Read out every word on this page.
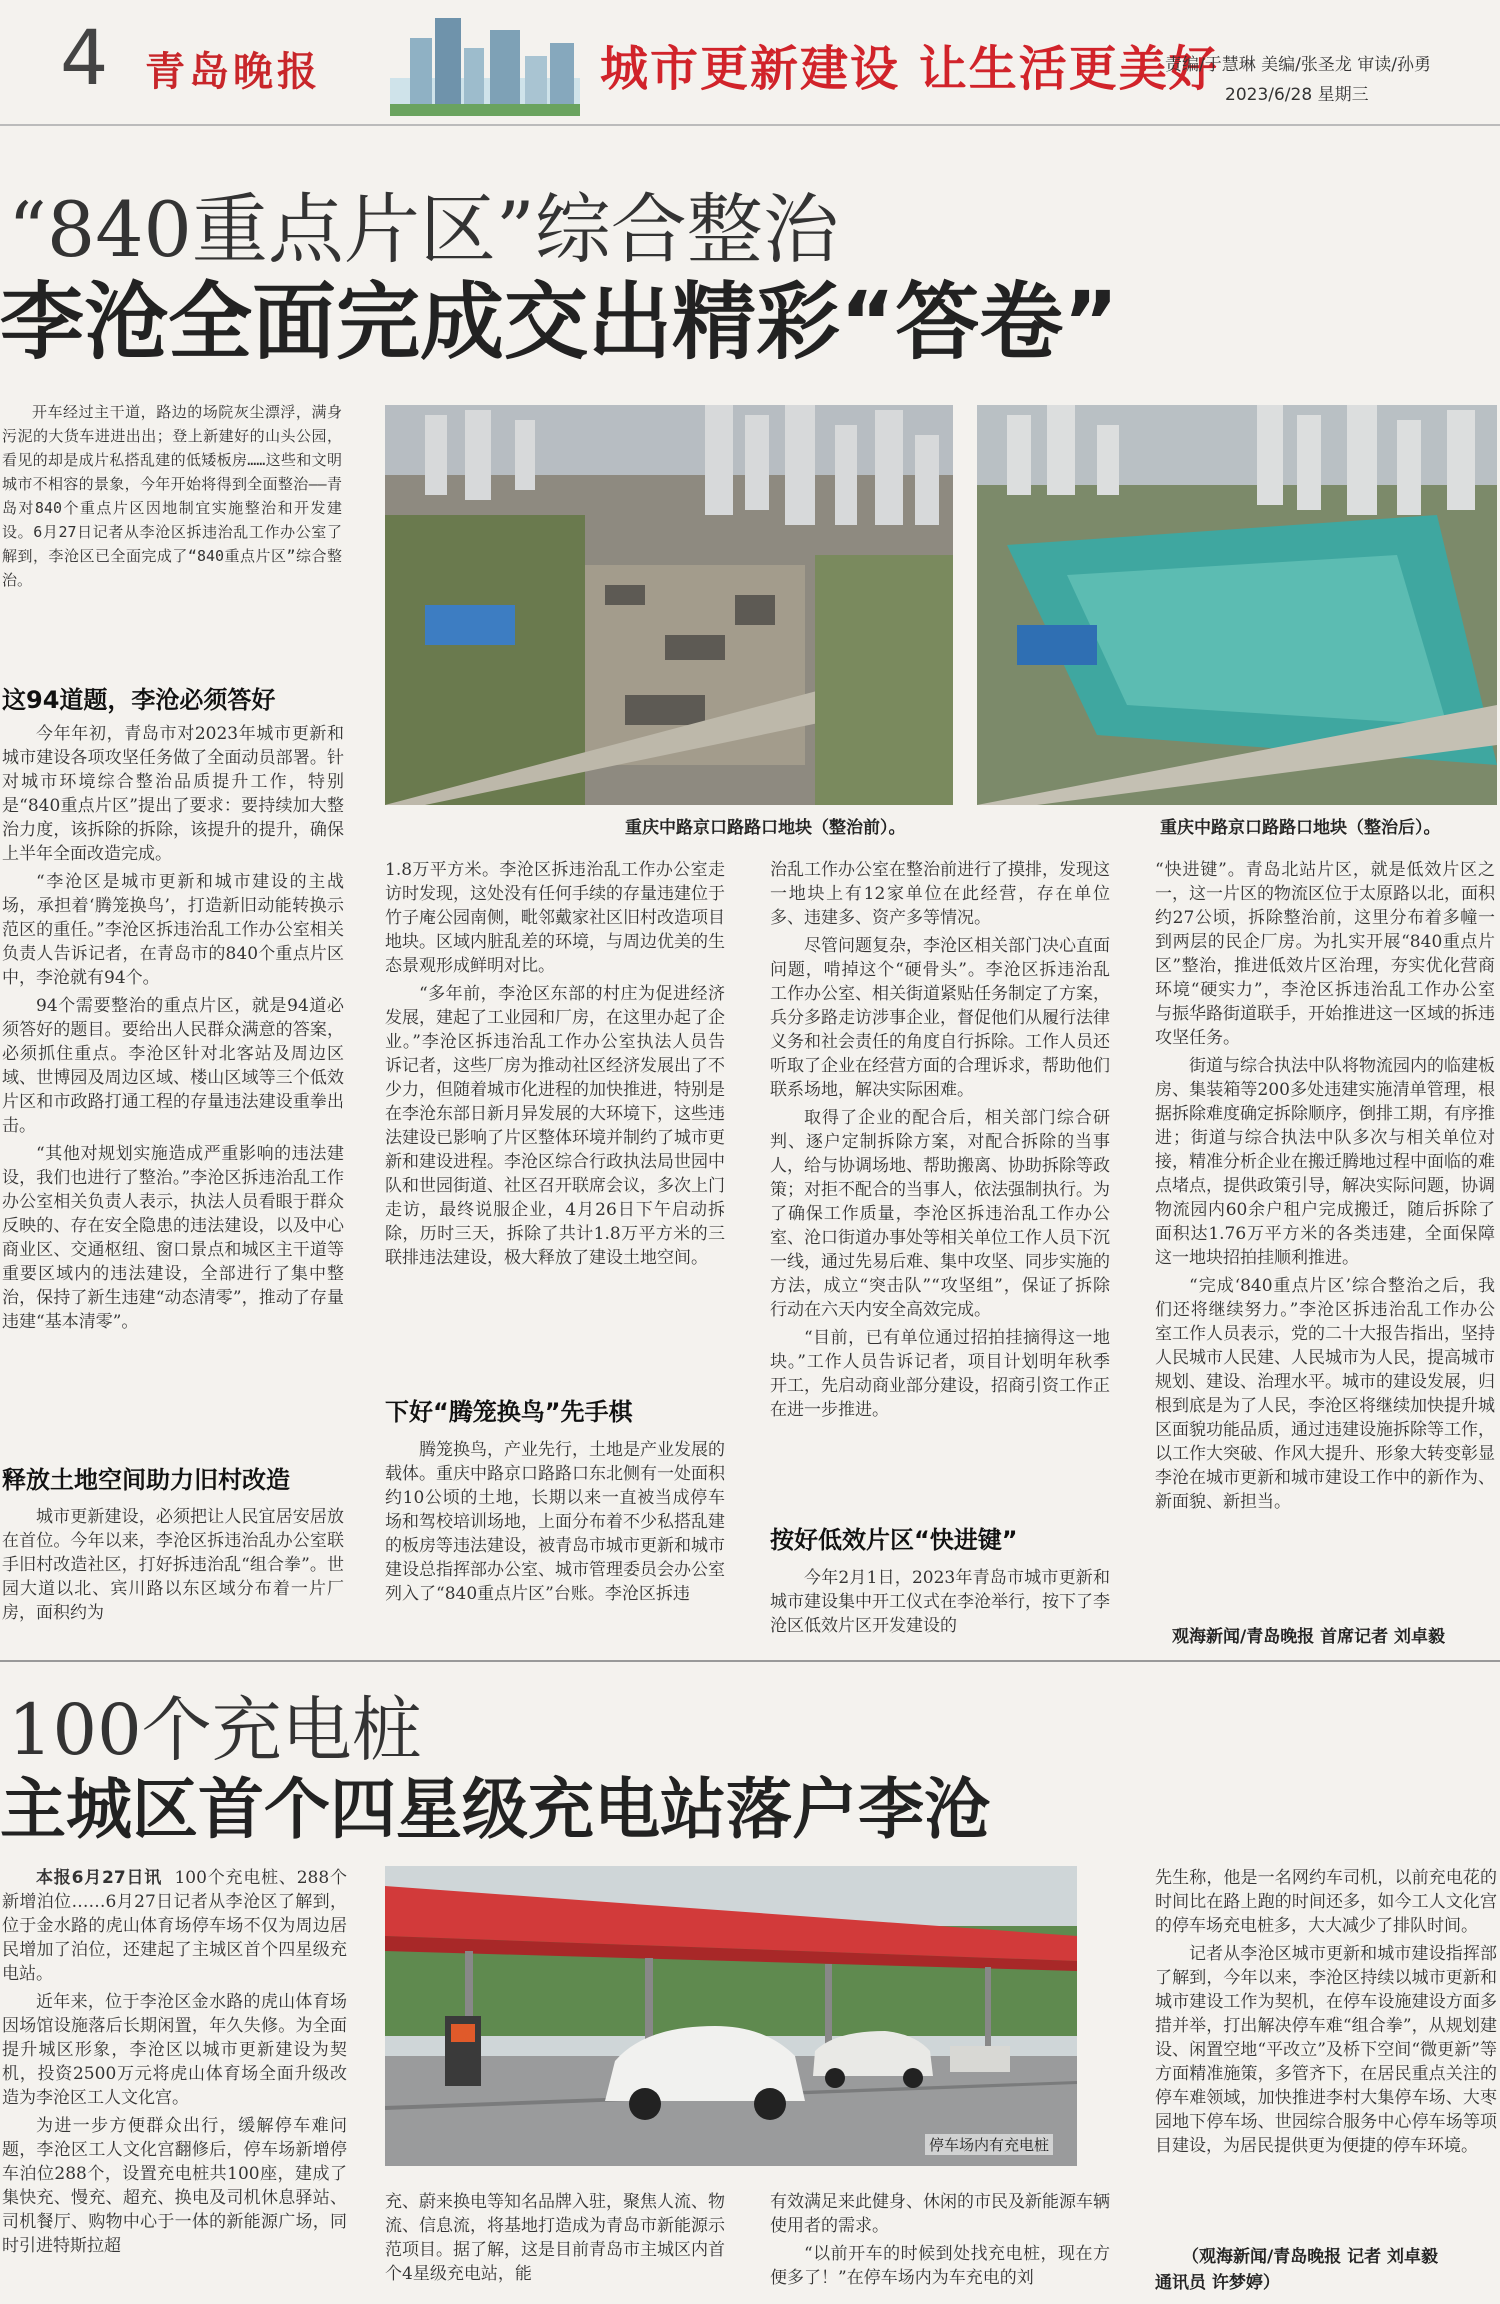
4 青岛晚报	城市更新建设 让生活更美好
责编/于慧琳 美编/张圣龙 审读/孙勇
2023/6/28 星期三
“840重点片区”综合整治
李沧全面完成交出精彩“答卷”

开车经过主干道，路边的场院灰尘漂浮，满身污泥的大货车进进出出；登上新建好的山头公园，看见的却是成片私搭乱建的低矮板房……这些和文明城市不相容的景象，今年开始将得到全面整治——青岛对840个重点片区因地制宜实施整治和开发建设。6月27日记者从李沧区拆违治乱工作办公室了解到，李沧区已全面完成了“840重点片区”综合整治。

这94道题，李沧必须答好

今年年初，青岛市对2023年城市更新和城市建设各项攻坚任务做了全面动员部署。针对城市环境综合整治品质提升工作，特别是“840重点片区”提出了要求：要持续加大整治力度，该拆除的拆除，该提升的提升，确保上半年全面改造完成。

“李沧区是城市更新和城市建设的主战场，承担着‘腾笼换鸟’，打造新旧动能转换示范区的重任。”李沧区拆违治乱工作办公室相关负责人告诉记者，在青岛市的840个重点片区中，李沧就有94个。

94个需要整治的重点片区，就是94道必须答好的题目。要给出人民群众满意的答案，必须抓住重点。李沧区针对北客站及周边区域、世博园及周边区域、楼山区域等三个低效片区和市政路打通工程的存量违法建设重拳出击。

“其他对规划实施造成严重影响的违法建设，我们也进行了整治。”李沧区拆违治乱工作办公室相关负责人表示，执法人员看眼于群众反映的、存在安全隐患的违法建设，以及中心商业区、交通枢纽、窗口景点和城区主干道等重要区域内的违法建设，全部进行了集中整治，保持了新生违建“动态清零”，推动了存量违建“基本清零”。

释放土地空间助力旧村改造

城市更新建设，必须把让人民宜居安居放在首位。今年以来，李沧区拆违治乱办公室联手旧村改造社区，打好拆违治乱“组合拳”。世园大道以北、宾川路以东区域分布着一片厂房，面积约为

重庆中路京口路路口地块（整治前）。	重庆中路京口路路口地块（整治后）。

1.8万平方米。李沧区拆违治乱工作办公室走访时发现，这处没有任何手续的存量违建位于竹子庵公园南侧，毗邻戴家社区旧村改造项目地块。区域内脏乱差的环境，与周边优美的生态景观形成鲜明对比。

“多年前，李沧区东部的村庄为促进经济发展，建起了工业园和厂房，在这里办起了企业。”李沧区拆违治乱工作办公室执法人员告诉记者，这些厂房为推动社区经济发展出了不少力，但随着城市化进程的加快推进，特别是在李沧东部日新月异发展的大环境下，这些违法建设已影响了片区整体环境并制约了城市更新和建设进程。李沧区综合行政执法局世园中队和世园街道、社区召开联席会议，多次上门走访，最终说服企业，4月26日下午启动拆除，历时三天，拆除了共计1.8万平方米的三联排违法建设，极大释放了建设土地空间。

下好“腾笼换鸟”先手棋

腾笼换鸟，产业先行，土地是产业发展的载体。重庆中路京口路路口东北侧有一处面积约10公顷的土地，长期以来一直被当成停车场和驾校培训场地，上面分布着不少私搭乱建的板房等违法建设，被青岛市城市更新和城市建设总指挥部办公室、城市管理委员会办公室列入了“840重点片区”台账。李沧区拆违

治乱工作办公室在整治前进行了摸排，发现这一地块上有12家单位在此经营，存在单位多、违建多、资产多等情况。

尽管问题复杂，李沧区相关部门决心直面问题，啃掉这个“硬骨头”。李沧区拆违治乱工作办公室、相关街道紧贴任务制定了方案，兵分多路走访涉事企业，督促他们从履行法律义务和社会责任的角度自行拆除。工作人员还听取了企业在经营方面的合理诉求，帮助他们联系场地，解决实际困难。

取得了企业的配合后，相关部门综合研判、逐户定制拆除方案，对配合拆除的当事人，给与协调场地、帮助搬离、协助拆除等政策；对拒不配合的当事人，依法强制执行。为了确保工作质量，李沧区拆违治乱工作办公室、沧口街道办事处等相关单位工作人员下沉一线，通过先易后难、集中攻坚、同步实施的方法，成立“突击队”“攻坚组”，保证了拆除行动在六天内安全高效完成。

“目前，已有单位通过招拍挂摘得这一地块。”工作人员告诉记者，项目计划明年秋季开工，先启动商业部分建设，招商引资工作正在进一步推进。

按好低效片区“快进键”

今年2月1日，2023年青岛市城市更新和城市建设集中开工仪式在李沧举行，按下了李沧区低效片区开发建设的

“快进键”。青岛北站片区，就是低效片区之一，这一片区的物流区位于太原路以北，面积约27公顷，拆除整治前，这里分布着多幢一到两层的民企厂房。为扎实开展“840重点片区”整治，推进低效片区治理，夯实优化营商环境“硬实力”，李沧区拆违治乱工作办公室与振华路街道联手，开始推进这一区域的拆违攻坚任务。

街道与综合执法中队将物流园内的临建板房、集装箱等200多处违建实施清单管理，根据拆除难度确定拆除顺序，倒排工期，有序推进；街道与综合执法中队多次与相关单位对接，精准分析企业在搬迁腾地过程中面临的难点堵点，提供政策引导，解决实际问题，协调物流园内60余户租户完成搬迁，随后拆除了面积达1.76万平方米的各类违建，全面保障这一地块招拍挂顺利推进。

“完成‘840重点片区’综合整治之后，我们还将继续努力。”李沧区拆违治乱工作办公室工作人员表示，党的二十大报告指出，坚持人民城市人民建、人民城市为人民，提高城市规划、建设、治理水平。城市的建设发展，归根到底是为了人民，李沧区将继续加快提升城区面貌功能品质，通过违建设施拆除等工作，以工作大突破、作风大提升、形象大转变彰显李沧在城市更新和城市建设工作中的新作为、新面貌、新担当。

观海新闻/青岛晚报 首席记者 刘卓毅
100个充电桩
主城区首个四星级充电站落户李沧

本报6月27日讯 100个充电桩、288个新增泊位……6月27日记者从李沧区了解到，位于金水路的虎山体育场停车场不仅为周边居民增加了泊位，还建起了主城区首个四星级充电站。

近年来，位于李沧区金水路的虎山体育场因场馆设施落后长期闲置，年久失修。为全面提升城区形象，李沧区以城市更新建设为契机，投资2500万元将虎山体育场全面升级改造为李沧区工人文化宫。

为进一步方便群众出行，缓解停车难问题，李沧区工人文化宫翻修后，停车场新增停车泊位288个，设置充电桩共100座，建成了集快充、慢充、超充、换电及司机休息驿站、司机餐厅、购物中心于一体的新能源广场，同时引进特斯拉超

停车场内有充电桩

充、蔚来换电等知名品牌入驻，聚焦人流、物流、信息流，将基地打造成为青岛市新能源示范项目。据了解，这是目前青岛市主城区内首个4星级充电站，能

有效满足来此健身、休闲的市民及新能源车辆使用者的需求。

“以前开车的时候到处找充电桩，现在方便多了！”在停车场内为车充电的刘

先生称，他是一名网约车司机，以前充电花的时间比在路上跑的时间还多，如今工人文化宫的停车场充电桩多，大大减少了排队时间。

记者从李沧区城市更新和城市建设指挥部了解到，今年以来，李沧区持续以城市更新和城市建设工作为契机，在停车设施建设方面多措并举，打出解决停车难“组合拳”，从规划建设、闲置空地“平改立”及桥下空间“微更新”等方面精准施策，多管齐下，在居民重点关注的停车难领域，加快推进李村大集停车场、大枣园地下停车场、世园综合服务中心停车场等项目建设，为居民提供更为便捷的停车环境。

（观海新闻/青岛晚报 记者 刘卓毅
通讯员 许梦婷）
